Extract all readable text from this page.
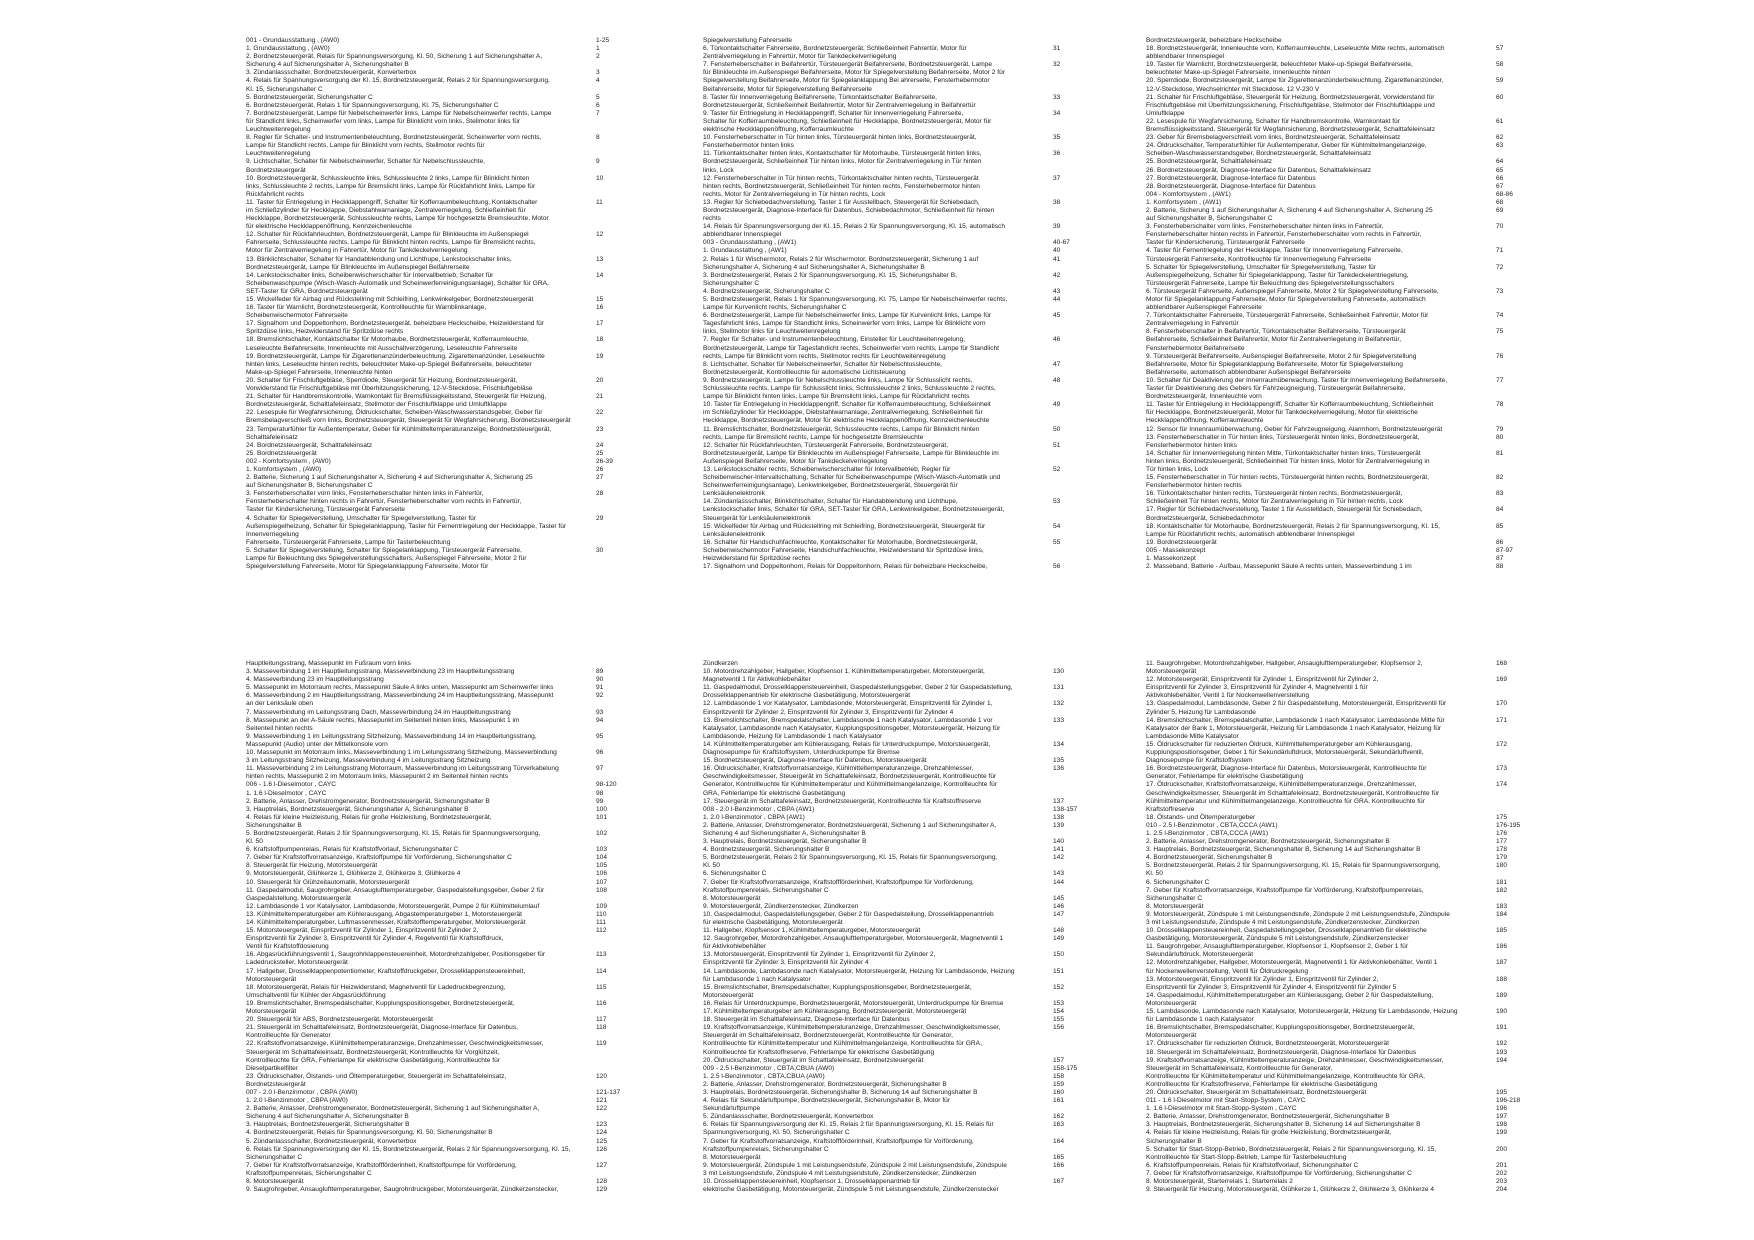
001 - Grundausstattung , (AW0)	1-25
1. Grundausstattung , (AW0)	1
2. Bordnetzsteuergerät, Relais für Spannungsversorgung, Kl. 50, Sicherung 1 auf Sicherungshalter A,
Sicherung 4 auf Sicherungshalter A, Sicherungshalter B
2
3. Zündanlassschalter, Bordnetzsteuergerät, Konverterbox	3
4. Relais für Spannungsversorgung der Kl. 15, Bordnetzsteuergerät, Relais 2 für Spannungsversorgung,
Kl. 15, Sicherungshalter C
4
5. Bordnetzsteuergerät, Sicherungshalter C	5
6. Bordnetzsteuergerät, Relais 1 für Spannungsversorgung, Kl. 75, Sicherungshalter C	6
7. Bordnetzsteuergerät, Lampe für Nebelscheinwerfer links, Lampe für Nebelscheinwerfer rechts, Lampe
für Standlicht links, Scheinwerfer vorn links, Lampe für Blinklicht vorn links, Stellmotor links für
Leuchtweitenregelung
7
8. Regler für Schalter- und Instrumentenbeleuchtung, Bordnetzsteuergerät, Scheinwerfer vorn rechts,
Lampe für Standlicht rechts, Lampe für Blinklicht vorn rechts, Stellmotor rechts für
Leuchtweitenregelung
8
9. Lichtschalter, Schalter für Nebelscheinwerfer, Schalter für Nebelschlussleuchte,
Bordnetzsteuergerät
9
10. Bordnetzsteuergerät, Schlussleuchte links, Schlussleuchte 2 links, Lampe für Blinklicht hinten
links, Schlussleuchte 2 rechts, Lampe für Bremslicht links, Lampe für Rückfahrlicht links, Lampe für
Rückfahrlicht rechts
10
11. Taster für Entriegelung in Heckklappengriff, Schalter für Kofferraumbeleuchtung, Kontaktschalter
im Schließzylinder für Heckklappe, Diebstahlwarnanlage, Zentralverriegelung, Schließeinheit für
Heckklappe, Bordnetzsteuergerät, Schlussleuchte rechts, Lampe für hochgesetzte Bremsleuchte, Motor
für elektrische Heckklappenöffnung, Kennzeichenleuchte
11
12. Schalter für Rückfahrleuchten, Bordnetzsteuergerät, Lampe für Blinkleuchte im Außenspiegel
Fahrerseite, Schlussleuchte rechts, Lampe für Blinklicht hinten rechts, Lampe für Bremslicht rechts,
Motor für Zentralverriegelung in Fahrertür, Motor für Tankdeckelverriegelung
12
13. Blinklichtschalter, Schalter für Handabblendung und Lichthupe, Lenkstockschalter links,
Bordnetzsteuergerät, Lampe für Blinkleuchte im Außenspiegel Beifahrerseite
13
14. Lenkstockschalter links, Scheibenwischerschalter für Intervallbetrieb, Schalter für
Scheibenwaschpumpe (Wisch-Wasch-Automatik und Scheinwerferreinigungsanlage), Schalter für GRA,
SET-Taster für GRA, Bordnetzsteuergerät
14
15. Wickelfeder für Airbag und Rückstellring mit Schleifring, Lenkwinkelgeber, Bordnetzsteuergerät	15
16. Taster für Warnlicht, Bordnetzsteuergerät, Kontrollleuchte für Warnblinkanlage,
Scheibenwischermotor Fahrerseite
16
17. Signalhorn und Doppeltonhorn, Bordnetzsteuergerät, beheizbare Heckscheibe, Heizwiderstand für
Spritzdüse links, Heizwiderstand für Spritzdüse rechts
17
18. Bremslichtschalter, Kontaktschalter für Motorhaube, Bordnetzsteuergerät, Kofferraumleuchte,
Leseleuchte Beifahrerseite, Innenleuchte mit Ausschaltverzögerung, Leseleuchte Fahrerseite
18
19. Bordnetzsteuergerät, Lampe für Zigarettenanzünderbeleuchtung, Zigarettenanzünder, Leseleuchte
hinten links, Leseleuchte hinten rechts, beleuchteter Make-up-Spiegel Beifahrerseite, beleuchteter
Make-up-Spiegel Fahrerseite, Innenleuchte hinten
19
20. Schalter für Frischluftgebläse, Sperrdiode, Steuergerät für Heizung, Bordnetzsteuergerät,
Vorwiderstand für Frischluftgebläse mit Überhitzungssicherung, 12-V-Steckdose, Frischluftgebläse
20
21. Schalter für Handbremskontrolle, Warnkontakt für Bremsflüssigkeitsstand, Steuergerät für Heizung,
Bordnetzsteuergerät, Schalttafeleinsatz, Stellmotor der Frischluftklappe und Umluftklappe
21
22. Lesespule für Wegfahrsicherung, Öldruckschalter, Scheiben-Waschwasserstandsgeber, Geber für
Bremsbelagverschleiß vorn links, Bordnetzsteuergerät, Steuergerät für Wegfahrsicherung, Bordnetzsteuergerät
22
23. Temperaturfühler für Außentemperatur, Geber für Kühlmitteltemperaturanzeige, Bordnetzsteuergerät,
Schalttafeleinsatz
23
24. Bordnetzsteuergerät, Schalttafeleinsatz	24
25. Bordnetzsteuergerät	25
002 - Komfortsystem , (AW0)	26-39
1. Komfortsystem , (AW0)	26
2. Batterie, Sicherung 1 auf Sicherungshalter A, Sicherung 4 auf Sicherungshalter A, Sicherung 25
auf Sicherungshalter B, Sicherungshalter C
27
3. Fensterheberschalter vorn links, Fensterheberschalter hinten links in Fahrertür,
Fensterheberschalter hinten rechts in Fahrertür, Fensterheberschalter vorn rechts in Fahrertür,
Taster für Kindersicherung, Türsteuergerät Fahrerseite
28
4. Schalter für Spiegelverstellung, Umschalter für Spiegelverstellung, Taster für
Außenspiegelheizung, Schalter für Spiegelanklappung, Taster für Fernentriegelung der Heckklappe, Taster für Innenverriegelung
Fahrerseite, Türsteuergerät Fahrerseite, Lampe für Tasterbeleuchtung
29
5. Schalter für Spiegelverstellung, Schalter für Spiegelanklappung, Türsteuergerät Fahrerseite,
Lampe für Beleuchtung des Spiegelverstellungsschalters, Außenspiegel Fahrerseite, Motor 2 für
Spiegelverstellung Fahrerseite, Motor für Spiegelanklappung Fahrerseite, Motor für
30
Spiegelverstellung Fahrerseite
6. Türkontaktschalter Fahrerseite, Bordnetzsteuergerät, Schließeinheit Fahrertür, Motor für
Zentralverriegelung in Fahrertür, Motor für Tankdeckelverriegelung
31
7. Fensterheberschalter in Beifahrertür, Türsteuergerät Beifahrerseite, Bordnetzsteuergerät, Lampe
für Blinkleuchte im Außenspiegel Beifahrerseite, Motor für Spiegelverstellung Beifahrerseite, Motor 2 für
Spiegelverstellung Beifahrerseite, Motor für Spiegelanklappung Bei ahrerseite, Fensterhebermotor
Beifahrerseite, Motor für Spiegelverstellung Beifahrerseite
32
8. Taster für Innenverriegelung Beifahrerseite, Türkontaktschalter Beifahrerseite,
Bordnetzsteuergerät, Schließeinheit Beifahrertür, Motor für Zentralverriegelung in Beifahrertür
33
9. Taster für Entriegelung in Heckklappengriff, Schalter für Innenverriegelung Fahrerseite,
Schalter für Kofferraumbeleuchtung, Schließeinheit für Heckklappe, Bordnetzsteuergerät, Motor für
elektrische Heckklappenöffnung, Kofferraumleuchte
34
10. Fensterheberschalter in Tür hinten links, Türsteuergerät hinten links, Bordnetzsteuergerät,
Fensterhebermotor hinten links
35
11. Türkontaktschalter hinten links, Kontaktschalter für Motorhaube, Türsteuergerät hinten links,
Bordnetzsteuergerät, Schließeinheit Tür hinten links, Motor für Zentralverriegelung in Tür hinten
links, Lock
36
12. Fensterheberschalter in Tür hinten rechts, Türkontaktschalter hinten rechts, Türsteuergerät
hinten rechts, Bordnetzsteuergerät, Schließeinheit Tür hinten rechts, Fensterhebermotor hinten
rechts, Motor für Zentralverriegelung in Tür hinten rechts, Lock
37
13. Regler für Schiebedachverstellung, Taster 1 für Ausstellbach, Steuergerät für Schiebedach,
Bordnetzsteuergerät, Diagnose-Interface für Datenbus, Schiebedachmotor, Schließeinheit für hinten
rechts
38
14. Relais für Spannungsversorgung der Kl. 15, Relais 2 für Spannungsversorgung, Kl. 15, automatisch
abblendbarer Innenspiegel
39
003 - Grundausstattung , (AW1)	40-67
1. Grundausstattung , (AW1)	40
2. Relais 1 für Wischermotor, Relais 2 für Wischermotor, Bordnetzsteuergerät, Sicherung 1 auf
Sicherungshalter A, Sicherung 4 auf Sicherungshalter A, Sicherungshalter B
41
3. Bordnetzsteuergerät, Relais 2 für Spannungsversorgung, Kl. 15, Sicherungshalter B,
Sicherungshalter C
42
4. Bordnetzsteuergerät, Sicherungshalter C	43
5. Bordnetzsteuergerät, Relais 1 für Spannungsversorgung, Kl. 75, Lampe für Nebelscheinwerfer rechts,
Lampe für Kurvenlicht rechts, Sicherungshalter C
44
6. Bordnetzsteuergerät, Lampe für Nebelscheinwerfer links, Lampe für Kurvenlicht links, Lampe für
Tagesfahrlicht links, Lampe für Standlicht links, Scheinwerfer vorn links, Lampe für Blinklicht vorn
links, Stellmotor links für Leuchtweitenregelung
45
7. Regler für Schalter- und Instrumentenbeleuchtung, Einsteller für Leuchtweitenregelung,
Bordnetzsteuergerät, Lampe für Tagesfahrlicht rechts, Scheinwerfer vorn rechts, Lampe für Standlicht
rechts, Lampe für Blinklicht vorn rechts, Stellmotor rechts für Leuchtweitenregelung
46
8. Lichtschalter, Schalter für Nebelscheinwerfer, Schalter für Nebelschlussleuchte,
Bordnetzsteuergerät, Kontrollleuchte für automatische Lichtsteuerung
47
9. Bordnetzsteuergerät, Lampe für Nebelschlussleuchte links, Lampe für Schlusslicht rechts,
Schlussleuchte rechts, Lampe für Schlusslicht links, Schlussleuchte 2 links, Schlussleuchte 2 rechts,
Lampe für Blinklicht hinten links, Lampe für Bremslicht links, Lampe für Rückfahrlicht rechts
48
10. Taster für Entriegelung in Heckklappengriff, Schalter für Kofferraumbeleuchtung, Schließeinheit
im Schließzylinder für Heckklappe, Diebstahlwarnanlage, Zentralverriegelung, Schließeinheit für
Heckklappe, Bordnetzsteuergerät, Motor für elektrische Heckklappenöffnung, Kennzeichenleuchte
49
11. Bremslichtschalter, Bordnetzsteuergerät, Schlussleuchte rechts, Lampe für Blinklicht hinten
rechts, Lampe für Bremslicht rechts, Lampe für hochgesetzte Bremsleuchte
50
12. Schalter für Rückfahrleuchten, Türsteuergerät Fahrerseite, Bordnetzsteuergerät,
Bordnetzsteuergerät, Lampe für Blinkleuchte im Außenspiegel Fahrerseite, Lampe für Blinkleuchte im
Außenspiegel Beifahrerseite, Motor für Tankdeckelverriegelung
51
13. Lenkstockschalter rechts, Scheibenwischerschalter für Intervallbetrieb, Regler für
Scheibenwischer-Intervallschaltung, Schalter für Scheibenwaschpumpe (Wisch-Wasch-Automatik und
Scheinwerferreinigungsanlage), Lenkwinkelgeber, Bordnetzsteuergerät, Steuergerät für
Lenksäulenelektronik
52
14. Zündanlassschalter, Blinklichtschalter, Schalter für Handabblendung und Lichthupe,
Lenkstockschalter links, Schalter für GRA, SET-Taster für GRA, Lenkwinkelgeber, Bordnetzsteuergerät,
Steuergerät für Lenksäulenelektronik
53
15. Wickelfeder für Airbag und Rückstellring mit Schleifring, Bordnetzsteuergerät, Steuergerät für
Lenksäulenelektronik
54
16. Schalter für Handschuhfachleuchte, Kontaktschalter für Motorhaube, Bordnetzsteuergerät,
Scheibenwischermotor Fahrerseite, Handschuhfachleuchte, Heizwiderstand für Spritzdüse links,
Heizwiderstand für Spritzdüse rechts
55
17. Signalhorn und Doppeltonhorn, Relais für Doppeltonhorn, Relais für beheizbare Heckscheibe,	56
Bordnetzsteuergerät, beheizbare Heckscheibe
18. Bordnetzsteuergerät, Innenleuchte vorn, Kofferraumleuchte, Leseleuchte Mitte rechts, automatisch
abblendbarer Innenspiegel
57
19. Taster für Warnlicht, Bordnetzsteuergerät, beleuchteter Make-up-Spiegel Beifahrerseite,
beleuchteter Make-up-Spiegel Fahrerseite, Innenleuchte hinten
58
20. Sperrdiode, Bordnetzsteuergerät, Lampe für Zigarettenanzünderbeleuchtung, Zigarettenanzünder,
12-V-Steckdose, Wechselrichter mit Steckdose, 12 V-230 V
59
21. Schalter für Frischluftgebläse, Steuergerät für Heizung, Bordnetzsteuergerät, Vorwiderstand für
Frischluftgebläse mit Überhitzungssicherung, Frischluftgebläse, Stellmotor der Frischluftklappe und
Umluftklappe
60
22. Lesespule für Wegfahrsicherung, Schalter für Handbremskontrolle, Warnkontakt für
Bremsflüssigkeitsstand, Steuergerät für Wegfahrsicherung, Bordnetzsteuergerät, Schalttafeleinsatz
61
23. Geber für Bremsbelagverschleiß vorn links, Bordnetzsteuergerät, Schalttafeleinsatz	62
24. Öldruckschalter, Temperaturfühler für Außentemperatur, Geber für Kühlmittelmangelanzeige,
Scheiben-Waschwasserstandsgeber, Bordnetzsteuergerät, Schalttafeleinsatz
63
25. Bordnetzsteuergerät, Schalttafeleinsatz	64
26. Bordnetzsteuergerät, Diagnose-Interface für Datenbus, Schalttafeleinsatz	65
27. Bordnetzsteuergerät, Diagnose-Interface für Datenbus	66
28. Bordnetzsteuergerät, Diagnose-Interface für Datenbus	67
004 - Komfortsystem , (AW1)	68-86
1. Komfortsystem , (AW1)	68
2. Batterie, Sicherung 1 auf Sicherungshalter A, Sicherung 4 auf Sicherungshalter A, Sicherung 25
auf Sicherungshalter B, Sicherungshalter C
69
3. Fensterheberschalter vorn links, Fensterheberschalter hinten links in Fahrertür,
Fensterheberschalter hinten rechts in Fahrertür, Fensterheberschalter vorn rechts in Fahrertür,
Taster für Kindersicherung, Türsteuergerät Fahrerseite
70
4. Taster für Fernentriegelung der Heckklappe, Taster für Innenverriegelung Fahrerseite,
Türsteuergerät Fahrerseite, Kontrollleuchte für Innenverriegelung Fahrerseite
71
5. Schalter für Spiegelverstellung, Umschalter für Spiegelverstellung, Taster für
Außenspiegelheizung, Schalter für Spiegelanklappung, Taster für Tankdeckelentriegelung,
Türsteuergerät Fahrerseite, Lampe für Beleuchtung des Spiegelverstellungsschalters
72
6. Türsteuergerät Fahrerseite, Außenspiegel Fahrerseite, Motor 2 für Spiegelverstellung Fahrerseite,
Motor für Spiegelanklappung Fahrerseite, Motor für Spiegelverstellung Fahrerseite, automatisch
abblendbarer Außenspiegel Fahrerseite
73
7. Türkontaktschalter Fahrerseite, Türsteuergerät Fahrerseite, Schließeinheit Fahrertür, Motor für
Zentralverriegelung in Fahrertür
74
8. Fensterheberschalter in Beifahrertür, Türkontaktschalter Beifahrerseite, Türsteuergerät
Beifahrerseite, Schließeinheit Beifahrertür, Motor für Zentralverriegelung in Beifahrertür,
Fensterhebermotor Beifahrerseite
75
9. Türsteuergerät Beifahrerseite, Außenspiegel Beifahrerseite, Motor 2 für Spiegelverstellung
Beifahrerseite, Motor für Spiegelanklappung Beifahrerseite, Motor für Spiegelverstellung
Beifahrerseite, automatisch abblendbarer Außenspiegel Beifahrerseite
76
10. Schalter für Deaktivierung der Innenraumüberwachung, Taster für Innenverriegelung Beifahrerseite,
Taster für Deaktivierung des Gebers für Fahrzeugneigung, Türsteuergerät Beifahrerseite,
Bordnetzsteuergerät, Innenleuchte vorn
77
11. Taster für Entriegelung in Heckklappengriff, Schalter für Kofferraumbeleuchtung, Schließeinheit
für Heckklappe, Bordnetzsteuergerät, Motor für Tankdeckelverriegelung, Motor für elektrische
Heckklappenöffnung, Kofferraumleuchte
78
12. Sensor für Innenraumüberwachung, Geber für Fahrzeugneigung, Alarmhorn, Bordnetzsteuergerät	79
13. Fensterheberschalter in Tür hinten links, Türsteuergerät hinten links, Bordnetzsteuergerät,
Fensterhebermotor hinten links
80
14. Schalter für Innenverriegelung hinten Mitte, Türkontaktschalter hinten links, Türsteuergerät
hinten links, Bordnetzsteuergerät, Schließeinheit Tür hinten links, Motor für Zentralverriegelung in
Tür hinten links, Lock
81
15. Fensterheberschalter in Tür hinten rechts, Türsteuergerät hinten rechts, Bordnetzsteuergerät,
Fensterhebermotor hinten rechts
82
16. Türkontaktschalter hinten rechts, Türsteuergerät hinten rechts, Bordnetzsteuergerät,
Schließeinheit Tür hinten rechts, Motor für Zentralverriegelung in Tür hinten rechts, Lock
83
17. Regler für Schiebedachverstellung, Taster 1 für Ausstelldach, Steuergerät für Schiebedach,
Bordnetzsteuergerät, Schiebedachmotor
84
18. Kontaktschalter für Motorhaube, Bordnetzsteuergerät, Relais 2 für Spannungsversorgung, Kl. 15,
Lampe für Rückfahrlicht rechts, automatisch abblendbarer Innenspiegel
85
19. Bordnetzsteuergerät	86
005 - Massekonzept	87-97
1. Massekonzept	87
2. Masseband, Batterie - Aufbau, Massepunkt Säule A rechts unten, Masseverbindung 1 im	88
Hauptleitungsstrang, Massepunkt im Fußraum vorn links
3. Masseverbindung 1 im Hauptleitungsstrang, Masseverbindung 23 im Hauptleitungsstrang	89
4. Masseverbindung 23 im Hauptleitungsstrang	90
5. Massepunkt im Motorraum rechts, Massepunkt Säule A links unten, Massepunkt am Scheinwerfer links	91
6. Masseverbindung 2 im Hauptleitungsstrang, Masseverbindung 24 im Hauptleitungsstrang, Massepunkt
an der Lenksäule oben
92
7. Masseverbindung im Leitungsstrang Dach, Masseverbindung 24 im Hauptleitungsstrang	93
8. Massepunkt an der A-Säule rechts, Massepunkt im Seitenteil hinten links, Massepunkt 1 im
Seitenteil hinten rechts
94
9. Masseverbindung 1 im Leitungsstrang Sitzheizung, Masseverbindung 14 im Hauptleitungsstrang,
Massepunkt (Audio) unter der Mittelkonsole vorn
95
10. Massepunkt im Motorraum links, Masseverbindung 1 im Leitungsstrang Sitzheizung, Masseverbindung
3 im Leitungsstrang Sitzheizung, Masseverbindung 4 im Leitungsstrang Sitzheizung
96
11. Masseverbindung 2 im Leitungsstrang Motorraum, Masseverbindung im Leitungsstrang Türverkabelung
hinten rechts, Massepunkt 2 im Motorraum links, Massepunkt 2 im Seitenteil hinten rechts
97
006 - 1.6 l-Dieselmotor , CAYC	98-120
1. 1.6 l-Dieselmotor , CAYC	98
2. Batterie, Anlasser, Drehstromgenerator, Bordnetzsteuergerät, Sicherungshalter B	99
3. Hauptrelais, Bordnetzsteuergerät, Sicherungshalter A, Sicherungshalter B	100
4. Relais für kleine Heizleistung, Relais für große Heizleistung, Bordnetzsteuergerät,
Sicherungshalter B
101
5. Bordnetzsteuergerät, Relais 2 für Spannungsversorgung, Kl. 15, Relais für Spannungsversorgung,
Kl. 50
102
6. Kraftstoffpumpenrelais, Relais für Kraftstoffvorlauf, Sicherungshalter C	103
7. Geber für Kraftstoffvorratsanzeige, Kraftstoffpumpe für Vorförderung, Sicherungshalter C	104
8. Steuergerät für Heizung, Motorsteuergerät	105
9. Motorsteuergerät, Glühkerze 1, Glühkerze 2, Glühkerze 3, Glühkerze 4	106
10. Steuergerät für Glühzeitautomatik, Motorsteuergerät	107
11. Gaspedalmodul, Saugrohrgeber, Ansauglufttemperaturgeber, Gaspedalstellungsgeber, Geber 2 für
Gaspedalstellung, Motorsteuergerät
108
12. Lambdasonde 1 vor Katalysator, Lambdasonde, Motorsteuergerät, Pumpe 2 für Kühlmittelumlauf	109
13. Kühlmitteltemperaturgeber am Kühlerausgang, Abgastemperaturgeber 1, Motorsteuergerät	110
14. Kühlmitteltemperaturgeber, Luftmassenmesser, Kraftstofftemperaturgeber, Motorsteuergerät	111
15. Motorsteuergerät, Einspritzventil für Zylinder 1, Einspritzventil für Zylinder 2,
Einspritzventil für Zylinder 3, Einspritzventil für Zylinder 4, Regelventil für Kraftstoffdruck,
Ventil für Kraftstoffdosierung
112
16. Abgasrückführungsventil 1, Saugrohrklappensteuereinheit, Motordrehzahlgeber, Positionsgeber für
Ladedrucksteller, Motorsteuergerät
113
17. Hallgeber, Drosselklappenpotentiometer, Kraftstoffdruckgeber, Drosselklappensteuereinheit,
Motorsteuergerät
114
18. Motorsteuergerät, Relais für Heizwiderstand, Magnetventil für Ladedruckbegrenzung,
Umschaltventil für Kühler der Abgasrückführung
115
19. Bremslichtschalter, Bremspedalschalter, Kupplungspositionsgeber, Bordnetzsteuergerät,
Motorsteuergerät
116
20. Steuergerät für ABS, Bordnetzsteuergerät, Motorsteuergerät	117
21. Steuergerät im Schalttafeleinsatz, Bordnetzsteuergerät, Diagnose-Interface für Datenbus,
Kontrollleuchte für Generator
118
22. Kraftstoffvorratsanzeige, Kühlmitteltemperaturanzeige, Drehzahlmesser, Geschwindigkeitsmesser,
Steuergerät im Schalttafeleinsatz, Bordnetzsteuergerät, Kontrollleuchte für Vorglühzeit,
Kontrollleuchte für GRA, Fehlerlampe für elektrische Gasbetätigung, Kontrollleuchte für
Dieselpartikelfilter
119
23. Öldruckschalter, Ölstands- und Öltemperaturgeber, Steuergerät im Schalttafeleinsatz,
Bordnetzsteuergerät
120
007 - 2.0 l-Benzinmotor , CBPA (AW0)	121-137
1. 2.0 l-Benzinmotor , CBPA (AW0)	121
2. Batterie, Anlasser, Drehstromgenerator, Bordnetzsteuergerät, Sicherung 1 auf Sicherungshalter A,
Sicherung 4 auf Sicherungshalter A, Sicherungshalter B
122
3. Hauptrelais, Bordnetzsteuergerät, Sicherungshalter B	123
4. Bordnetzsteuergerät, Relais für Spannungsversorgung, Kl. 50, Sicherungshalter B	124
5. Zündanlassschalter, Bordnetzsteuergerät, Konverterbox	125
6. Relais für Spannungsversorgung der Kl. 15, Bordnetzsteuergerät, Relais 2 für Spannungsversorgung, Kl. 15,
Sicherungshalter C
126
7. Geber für Kraftstoffvorratsanzeige, Kraftstoffförderinheit, Kraftstoffpumpe für Vorförderung,
Kraftstoffpumpenrelais, Sicherungshalter C
127
8. Motorsteuergerät	128
9. Saugrohrgeber, Ansauglufttemperaturgeber, Saugrohrdruckgeber, Motorsteuergerät, Zündkerzenstecker,	129
Zündkerzen
10. Motordrehzahlgeber, Hallgeber, Klopfsensor 1, Kühlmitteltemperaturgeber, Motorsteuergerät,
Magnetventil 1 für Aktivkohlebehälter
130
11. Gaspedalmodul, Drosselklappensteuereinheit, Gaspedalstellungsgeber, Geber 2 für Gaspedalstellung,
Drosselklappenantrieb für elektrische Gasbetätigung, Motorsteuergerät
131
12. Lambdasonde 1 vor Katalysator, Lambdasonde, Motorsteuergerät, Einspritzventil für Zylinder 1,
Einspritzventil für Zylinder 2, Einspritzventil für Zylinder 3, Einspritzventil für Zylinder 4
132
13. Bremslichtschalter, Bremspedalschalter, Lambdasonde 1 nach Katalysator, Lambdasonde 1 vor
Katalysator, Lambdasonde nach Katalysator, Kupplungspositionsgeber, Motorsteuergerät, Heizung für
Lambdasonde, Heizung für Lambdasonde 1 nach Katalysator
133
14. Kühlmitteltemperaturgeber am Kühlerausgang, Relais für Unterdruckpumpe, Motorsteuergerät,
Diagnosepumpe für Kraftstoffsystem, Unterdruckpumpe für Bremse
134
15. Bordnetzsteuergerät, Diagnose-Interface für Datenbus, Motorsteuergerät	135
16. Öldruckschalter, Kraftstoffvorratsanzeige, Kühlmitteltemperaturanzeige, Drehzahlmesser,
Geschwindigkeitsmesser, Steuergerät im Schalttafeleinsatz, Bordnetzsteuergerät, Kontrollleuchte für
Generator, Kontrollleuchte für Kühlmitteltemperatur und Kühlmittelmangelanzeige, Kontrollleuchte für
GRA, Fehlerlampe für elektrische Gasbetätigung
136
17. Steuergerät im Schalttafeleinsatz, Bordnetzsteuergerät, Kontrollleuchte für Kraftstoffreserve	137
008 - 2.0 l-Benzinmotor , CBPA (AW1)	138-157
1. 2.0 l-Benzinmotor , CBPA (AW1)	138
2. Batterie, Anlasser, Drehstromgenerator, Bordnetzsteuergerät, Sicherung 1 auf Sicherungshalter A,
Sicherung 4 auf Sicherungshalter A, Sicherungshalter B
139
3. Hauptrelais, Bordnetzsteuergerät, Sicherungshalter B	140
4. Bordnetzsteuergerät, Sicherungshalter B	141
5. Bordnetzsteuergerät, Relais 2 für Spannungsversorgung, Kl. 15, Relais für Spannungsversorgung,
Kl. 50
142
6. Sicherungshalter C	143
7. Geber für Kraftstoffvorratsanzeige, Kraftstoffförderinheit, Kraftstoffpumpe für Vorförderung,
Kraftstoffpumpenrelais, Sicherungshalter C
144
8. Motorsteuergerät	145
9. Motorsteuergerät, Zündkerzenstecker, Zündkerzen	146
10. Gaspedalmodul, Gaspedalstellungsgeber, Geber 2 für Gaspedalstellung, Drosselklappenantrieb
für elektrische Gasbetätigung, Motorsteuergerät
147
11. Hallgeber, Klopfsensor 1, Kühlmitteltemperaturgeber, Motorsteuergerät	148
12. Saugrohrgeber, Motordrehzahlgeber, Ansauglufttemperaturgeber, Motorsteuergerät, Magnetventil 1
für Aktivkohlebehälter
149
13. Motorsteuergerät, Einspritzventil für Zylinder 1, Einspritzventil für Zylinder 2,
Einspritzventil für Zylinder 3, Einspritzventil für Zylinder 4
150
14. Lambdasonde, Lambdasonde nach Katalysator, Motorsteuergerät, Heizung für Lambdasonde, Heizung
für Lambdasonde 1 nach Katalysator
151
15. Bremslichtschalter, Bremspedalschalter, Kupplungspositionsgeber, Bordnetzsteuergerät,
Motorsteuergerät
152
16. Relais für Unterdruckpumpe, Bordnetzsteuergerät, Motorsteuergerät, Unterdruckpumpe für Bremse	153
17. Kühlmitteltemperaturgeber am Kühlerausgang, Bordnetzsteuergerät, Motorsteuergerät	154
18. Steuergerät im Schalttafeleinsatz, Diagnose-Interface für Datenbus	155
19. Kraftstoffvorratsanzeige, Kühlmitteltemperaturanzeige, Drehzahlmesser, Geschwindigkeitsmesser,
Steuergerät im Schalttafeleinsatz, Bordnetzsteuergerät, Kontrollleuchte für Generator,
Kontrollleuchte für Kühlmitteltemperatur und Kühlmittelmangelanzeige, Kontrollleuchte für GRA,
Kontrollleuchte für Kraftstoffreserve, Fehlerlampe für elektrische Gasbetätigung
156
20. Öldruckschalter, Steuergerät im Schalttafeleinsatz, Bordnetzsteuergerät	157
009 - 2.5 l-Benzinmotor , CBTA,CBUA (AW0)	158-175
1. 2.5 l-Benzinmotor , CBTA,CBUA (AW0)	158
2. Batterie, Anlasser, Drehstromgenerator, Bordnetzsteuergerät, Sicherungshalter B	159
3. Hauptrelais, Bordnetzsteuergerät, Sicherungshalter B, Sicherung 14 auf Sicherungshalter B	160
4. Relais für Sekundärluftpumpe, Bordnetzsteuergerät, Sicherungshalter B, Motor für
Sekundärluftpumpe
161
5. Zündanlassschalter, Bordnetzsteuergerät, Konverterbox	162
6. Relais für Spannungsversorgung der Kl. 15, Relais 2 für Spannungsversorgung, Kl. 15, Relais für
Spannungsversorgung, Kl. 50, Sicherungshalter C
163
7. Geber für Kraftstoffvorratsanzeige, Kraftstoffförderinheit, Kraftstoffpumpe für Vorförderung,
Kraftstoffpumpenrelais, Sicherungshalter C
164
8. Motorsteuergerät	165
9. Motorsteuergerät, Zündspule 1 mit Leistungsendstufe, Zündspule 2 mit Leistungsendstufe, Zündspule
3 mit Leistungsendstufe, Zündspule 4 mit Leistungsendstufe, Zündkerzenstecker, Zündkerzen
166
10. Drosselklappensteuereinheit, Klopfsensor 1, Drosselklappenantrieb für
elektrische Gasbetätigung, Motorsteuergerät, Zündspule 5 mit Leistungsendstufe, Zündkerzenstecker
167
11. Saugrohrgeber, Motordrehzahlgeber, Hallgeber, Ansauglufttemperaturgeber, Klopfsensor 2,
Motorsteuergerät
168
12. Motorsteuergerät, Einspritzventil für Zylinder 1, Einspritzventil für Zylinder 2,
Einspritzventil für Zylinder 3, Einspritzventil für Zylinder 4, Magnetventil 1 für
Aktivkohlebehälter, Ventil 1 für Nockenwellenverstellung
169
13. Gaspedalmodul, Lambdasonde, Geber 2 für Gaspedalstellung, Motorsteuergerät, Einspritzventil für
Zylinder 5, Heizung für Lambdasonde
170
14. Bremslichtschalter, Bremspedalschalter, Lambdasonde 1 nach Katalysator, Lambdasonde Mitte für
Katalysator der Bank 1, Motorsteuergerät, Heizung für Lambdasonde 1 nach Katalysator, Heizung für
Lambdasonde Mitte Katalysator
171
15. Öldruckschalter für reduzierten Öldruck, Kühlmitteltemperaturgeber am Kühlerausgang,
Kupplungspositionsgeber, Geber 1 für Sekundärluftdruck, Motorsteuergerät, Sekundärluftventil,
Diagnosepumpe für Kraftstoffsystem
172
16. Bordnetzsteuergerät, Diagnose-Interface für Datenbus, Motorsteuergerät, Kontrollleuchte für
Generator, Fehlerlampe für elektrische Gasbetätigung
173
17. Öldruckschalter, Kraftstoffvorratsanzeige, Kühlmitteltemperaturanzeige, Drehzahlmesser,
Geschwindigkeitsmesser, Steuergerät im Schalttafeleinsatz, Bordnetzsteuergerät, Kontrollleuchte für
Kühlmitteltemperatur und Kühlmittelmangelanzeige, Kontrollleuchte für GRA, Kontrollleuchte für
Kraftstoffreserve
174
18. Ölstands- und Öltemperaturgeber	175
010 - 2.5 l-Benzinmotor , CBTA,CCCA (AW1)	176-195
1. 2.5 l-Benzinmotor , CBTA,CCCA (AW1)	176
2. Batterie, Anlasser, Drehstromgenerator, Bordnetzsteuergerät, Sicherungshalter B	177
3. Hauptrelais, Bordnetzsteuergerät, Sicherungshalter B, Sicherung 14 auf Sicherungshalter B	178
4. Bordnetzsteuergerät, Sicherungshalter B	179
5. Bordnetzsteuergerät, Relais 2 für Spannungsversorgung, Kl. 15, Relais für Spannungsversorgung,
Kl. 50
180
6. Sicherungshalter C	181
7. Geber für Kraftstoffvorratsanzeige, Kraftstoffpumpe für Vorförderung, Kraftstoffpumpenrelais,
Sicherungshalter C
182
8. Motorsteuergerät	183
9. Motorsteuergerät, Zündspule 1 mit Leistungsendstufe, Zündspule 2 mit Leistungsendstufe, Zündspule
3 mit Leistungsendstufe, Zündspule 4 mit Leistungsendstufe, Zündkerzenstecker, Zündkerzen
184
10. Drosselklappensteuereinheit, Gaspedalstellungsgeber, Drosselklappenantrieb für elektrische
Gasbetätigung, Motorsteuergerät, Zündspule 5 mit Leistungsendstufe, Zündkerzenstecker
185
11. Saugrohrgeber, Ansauglufttemperaturgeber, Klopfsensor 1, Klopfsensor 2, Geber 1 für
Sekundärluftdruck, Motorsteuergerät
186
12. Motordrehzahlgeber, Hallgeber, Motorsteuergerät, Magnetventil 1 für Aktivkohlebehälter, Ventil 1
für Nockenwellenverstellung, Ventil für Öldruckregelung
187
13. Motorsteuergerät, Einspritzventil für Zylinder 1, Einspritzventil für Zylinder 2,
Einspritzventil für Zylinder 3, Einspritzventil für Zylinder 4, Einspritzventil für Zylinder 5
188
14. Gaspedalmodul, Kühlmitteltemperaturgeber am Kühlerausgang, Geber 2 für Gaspedalstellung,
Motorsteuergerät
189
15. Lambdasonde, Lambdasonde nach Katalysator, Motorsteuergerät, Heizung für Lambdasonde, Heizung
für Lambdasonde 1 nach Katalysator
190
16. Bremslichtschalter, Bremspedalschalter, Kupplungspositionsgeber, Bordnetzsteuergerät,
Motorsteuergerät
191
17. Öldruckschalter für reduzierten Öldruck, Bordnetzsteuergerät, Motorsteuergerät	192
18. Steuergerät im Schalttafeleinsatz, Bordnetzsteuergerät, Diagnose-Interface für Datenbus	193
19. Kraftstoffvorratsanzeige, Kühlmitteltemperaturanzeige, Drehzahlmesser, Geschwindigkeitsmesser,
Steuergerät im Schalttafeleinsatz, Kontrollleuchte für Generator,
Kontrollleuchte für Kühlmitteltemperatur und Kühlmittelmangelanzeige, Kontrollleuchte für GRA,
Kontrollleuchte für Kraftstoffreserve, Fehlerlampe für elektrische Gasbetätigung
194
20. Öldruckschalter, Steuergerät im Schalttafeleinsatz, Bordnetzsteuergerät	195
011 - 1.6 l-Dieselmotor mit Start-Stopp-System , CAYC	196-218
1. 1.6 l-Dieselmotor mit Start-Stopp-System , CAYC	196
2. Batterie, Anlasser, Drehstromgenerator, Bordnetzsteuergerät, Sicherungshalter B	197
3. Hauptrelais, Bordnetzsteuergerät, Sicherungshalter B, Sicherung 14 auf Sicherungshalter B	198
4. Relais für kleine Heizleistung, Relais für große Heizleistung, Bordnetzsteuergerät,
Sicherungshalter B
199
5. Schalter für Start-Stopp-Betrieb, Bordnetzsteuergerät, Relais 2 für Spannungsversorgung, Kl. 15,
Kontrollleuchte für Start-Stopp-Betrieb, Lampe für Tasterbeleuchtung
200
6. Kraftstoffpumpenrelais, Relais für Kraftstoffvorlauf, Sicherungshalter C	201
7. Geber für Kraftstoffvorratsanzeige, Kraftstoffpumpe für Vorförderung, Sicherungshalter C	202
8. Motorsteuergerät, Starterrelais 1, Starterrelais 2	203
9. Steuergerät für Heizung, Motorsteuergerät, Glühkerze 1, Glühkerze 2, Glühkerze 3, Glühkerze 4	204
